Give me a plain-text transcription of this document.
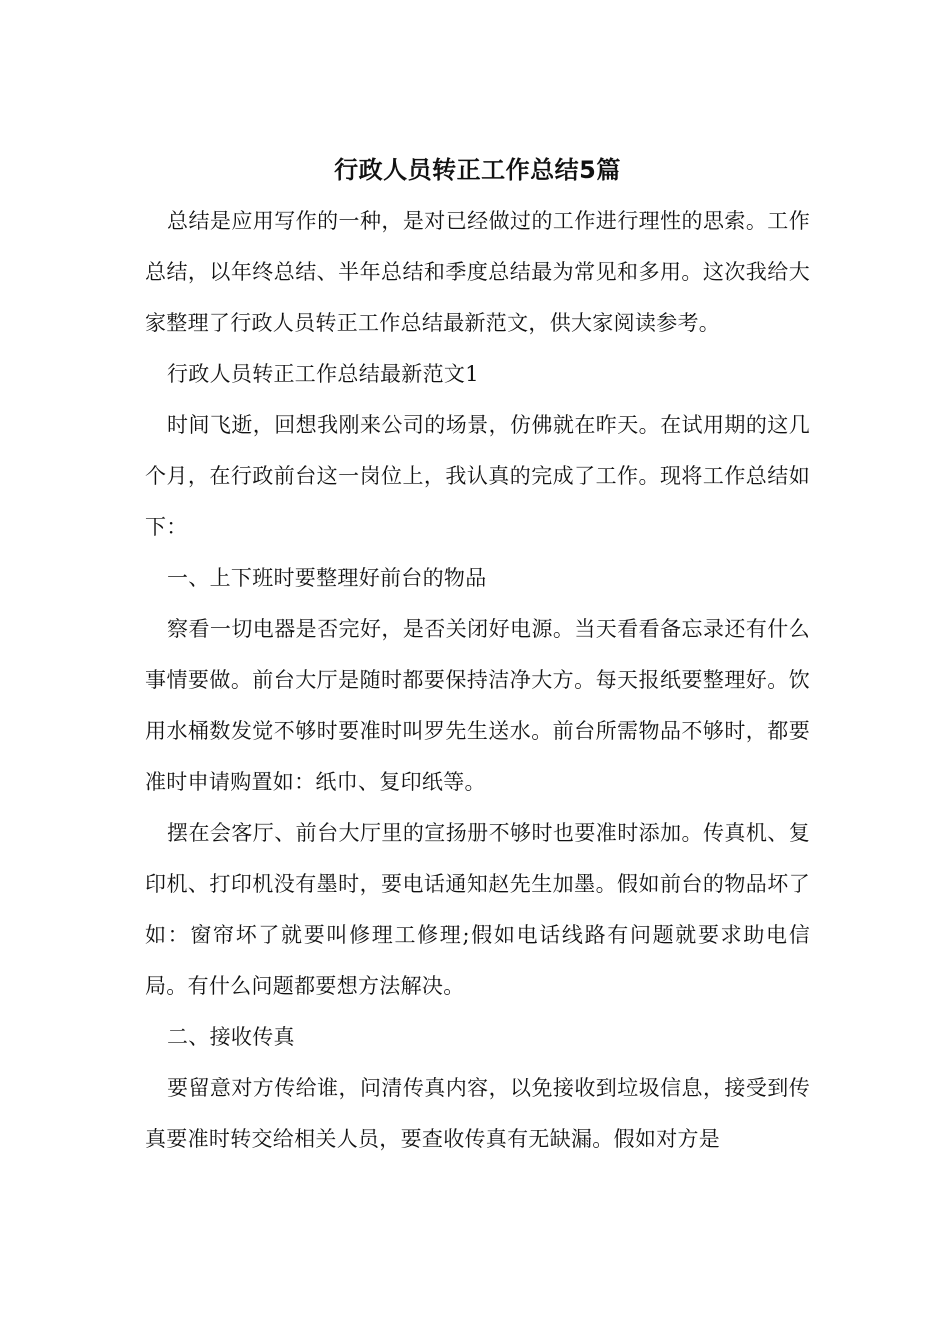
行政人员转正工作总结5篇

总结是应用写作的一种，是对已经做过的工作进行理性的思索。工作总结，以年终总结、半年总结和季度总结最为常见和多用。这次我给大家整理了行政人员转正工作总结最新范文，供大家阅读参考。

行政人员转正工作总结最新范文1

时间飞逝，回想我刚来公司的场景，仿佛就在昨天。在试用期的这几个月，在行政前台这一岗位上，我认真的完成了工作。现将工作总结如下：

一、上下班时要整理好前台的物品

察看一切电器是否完好，是否关闭好电源。当天看看备忘录还有什么事情要做。前台大厅是随时都要保持洁净大方。每天报纸要整理好。饮用水桶数发觉不够时要准时叫罗先生送水。前台所需物品不够时，都要准时申请购置如：纸巾、复印纸等。

摆在会客厅、前台大厅里的宣扬册不够时也要准时添加。传真机、复印机、打印机没有墨时，要电话通知赵先生加墨。假如前台的物品坏了如：窗帘坏了就要叫修理工修理;假如电话线路有问题就要求助电信局。有什么问题都要想方法解决。

二、接收传真

要留意对方传给谁，问清传真内容，以免接收到垃圾信息，接受到传真要准时转交给相关人员，要查收传真有无缺漏。假如对方是
